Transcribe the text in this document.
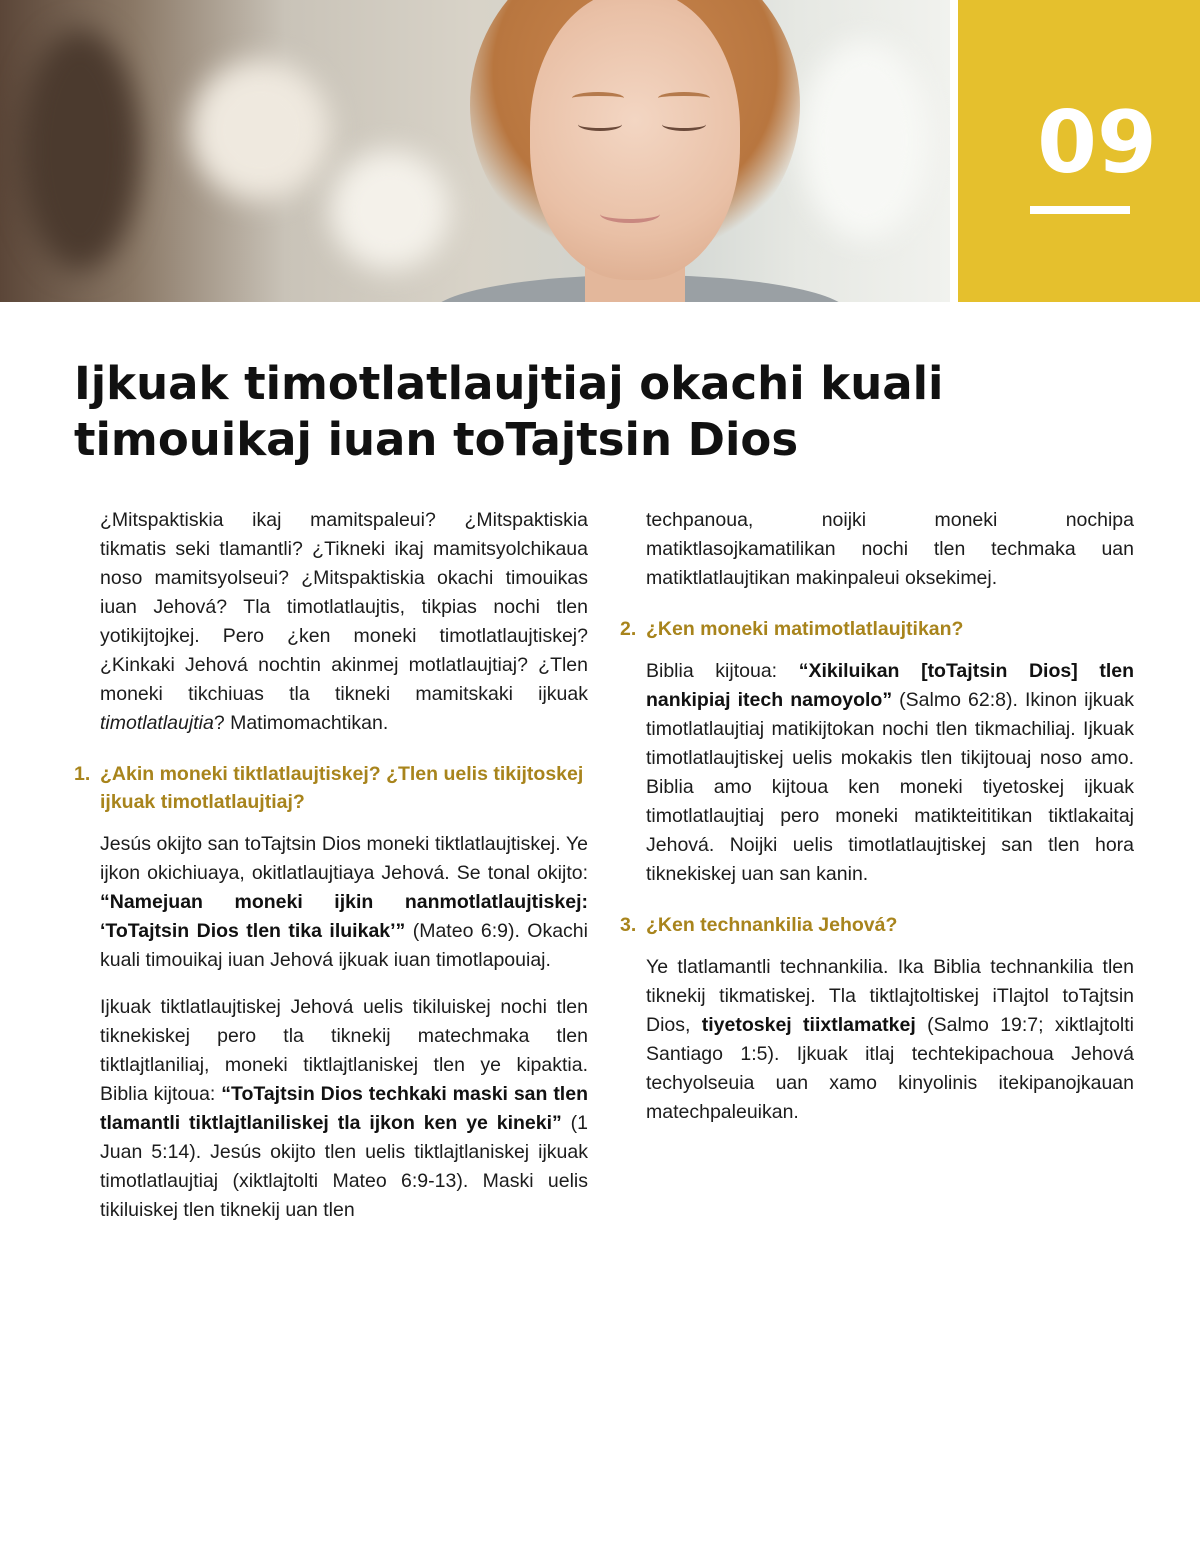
09
Ijkuak timotlatlaujtiaj okachi kuali
timouikaj iuan toTajtsin Dios

¿Mitspaktiskia ikaj mamitspaleui? ¿Mitspaktiskia tikmatis seki tlamantli? ¿Tikneki ikaj mamitsyolchikaua noso mamitsyolseui? ¿Mitspaktiskia okachi timouikas iuan Jehová? Tla timotlatlaujtis, tikpias nochi tlen yotikijtojkej. Pero ¿ken moneki timotlatlaujtiskej? ¿Kinkaki Jehová nochtin akinmej motlatlaujtiaj? ¿Tlen moneki tikchiuas tla tikneki mamitskaki ijkuak timotlatlaujtia? Matimomachtikan.

1. ¿Akin moneki tiktlatlaujtiskej? ¿Tlen uelis tikijtoskej ijkuak timotlatlaujtiaj?

Jesús okijto san toTajtsin Dios moneki tiktlatlaujtiskej. Ye ijkon okichiuaya, okitlatlaujtiaya Jehová. Se tonal okijto: “Namejuan moneki ijkin nanmotlatlaujtiskej: ‘ToTajtsin Dios tlen tika iluikak’” (Mateo 6:9). Okachi kuali timouikaj iuan Jehová ijkuak iuan timotlapouiaj.

Ijkuak tiktlatlaujtiskej Jehová uelis tikiluiskej nochi tlen tiknekiskej pero tla tiknekij matechmaka tlen tiktlajtlaniliaj, moneki tiktlajtlaniskej tlen ye kipaktia. Biblia kijtoua: “ToTajtsin Dios techkaki maski san tlen tlamantli tiktlajtlaniliskej tla ijkon ken ye kineki” (1 Juan 5:14). Jesús okijto tlen uelis tiktlajtlaniskej ijkuak timotlatlaujtiaj (xiktlajtolti Mateo 6:9-13). Maski uelis tikiluiskej tlen tiknekij uan tlen

techpanoua, noijki moneki nochipa matiktlasojkamatilikan nochi tlen techmaka uan matiktlatlaujtikan makinpaleui oksekimej.

2. ¿Ken moneki matimotlatlaujtikan?

Biblia kijtoua: “Xikiluikan [toTajtsin Dios] tlen nankipiaj itech namoyolo” (Salmo 62:8). Ikinon ijkuak timotlatlaujtiaj matikijtokan nochi tlen tikmachiliaj. Ijkuak timotlatlaujtiskej uelis mokakis tlen tikijtouaj noso amo. Biblia amo kijtoua ken moneki tiyetoskej ijkuak timotlatlaujtiaj pero moneki matikteititikan tiktlakaitaj Jehová. Noijki uelis timotlatlaujtiskej san tlen hora tiknekiskej uan san kanin.

3. ¿Ken technankilia Jehová?

Ye tlatlamantli technankilia. Ika Biblia technankilia tlen tiknekij tikmatiskej. Tla tiktlajtoltiskej iTlajtol toTajtsin Dios, tiyetoskej tiixtlamatkej (Salmo 19:7; xiktlajtolti Santiago 1:5). Ijkuak itlaj techtekipachoua Jehová techyolseuia uan xamo kinyolinis itekipanojkauan matechpaleuikan.
